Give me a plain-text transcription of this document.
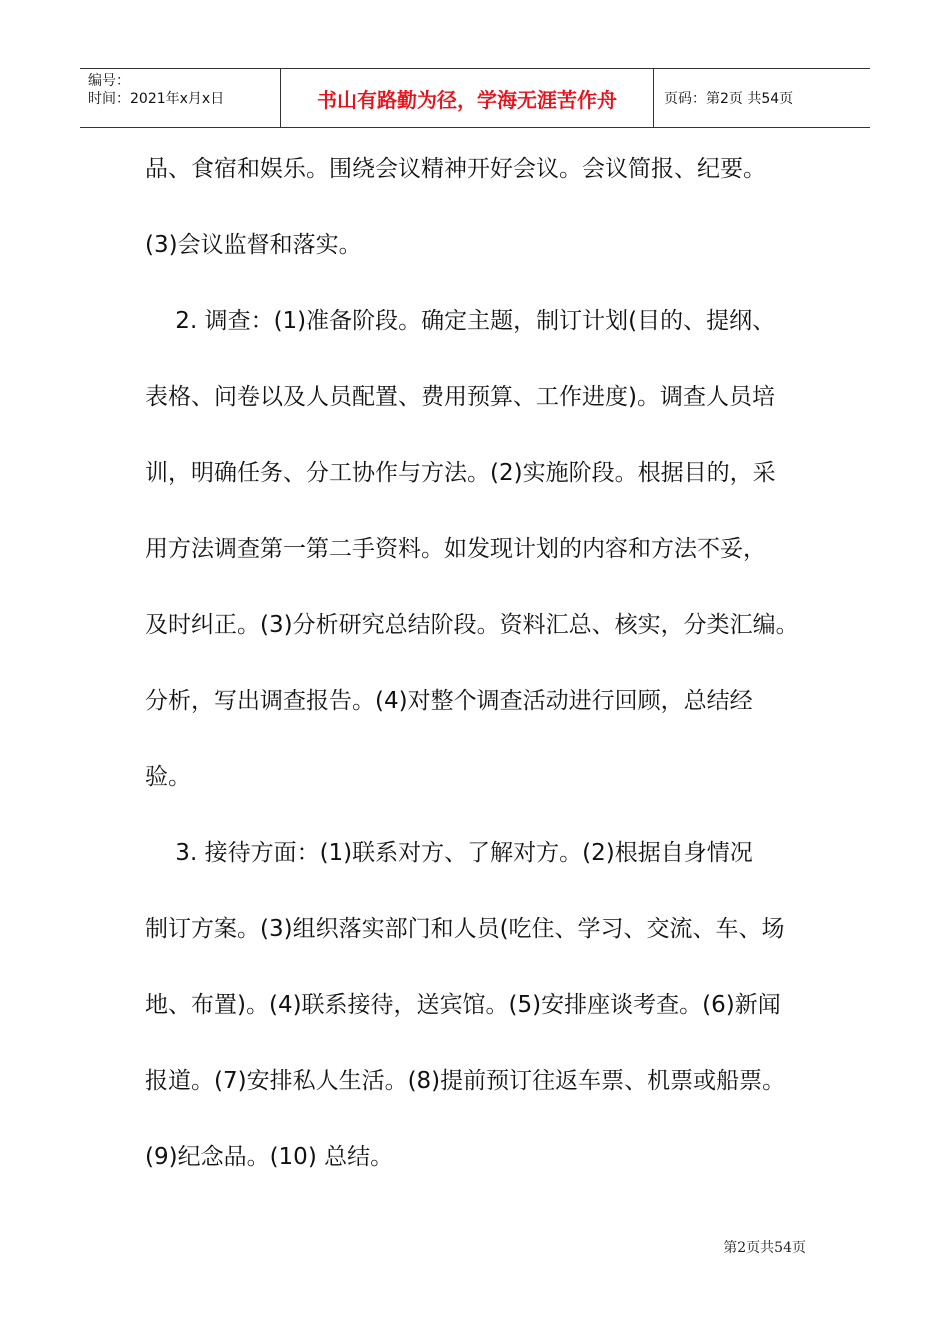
编号：
时间：2021年x月x日	书山有路勤为径，学海无涯苦作舟	页码：第2页 共54页
品、食宿和娱乐。围绕会议精神开好会议。会议简报、纪要。
(3)会议监督和落实。
　 2. 调查：(1)准备阶段。确定主题，制订计划(目的、提纲、
表格、问卷以及人员配置、费用预算、工作进度)。调查人员培
训，明确任务、分工协作与方法。(2)实施阶段。根据目的，采
用方法调查第一第二手资料。如发现计划的内容和方法不妥，
及时纠正。(3)分析研究总结阶段。资料汇总、核实，分类汇编。
分析，写出调查报告。(4)对整个调查活动进行回顾，总结经
验。
　 3. 接待方面：(1)联系对方、了解对方。(2)根据自身情况
制订方案。(3)组织落实部门和人员(吃住、学习、交流、车、场
地、布置)。(4)联系接待，送宾馆。(5)安排座谈考查。(6)新闻
报道。(7)安排私人生活。(8)提前预订往返车票、机票或船票。
(9)纪念品。(10) 总结。
第2页共54页
